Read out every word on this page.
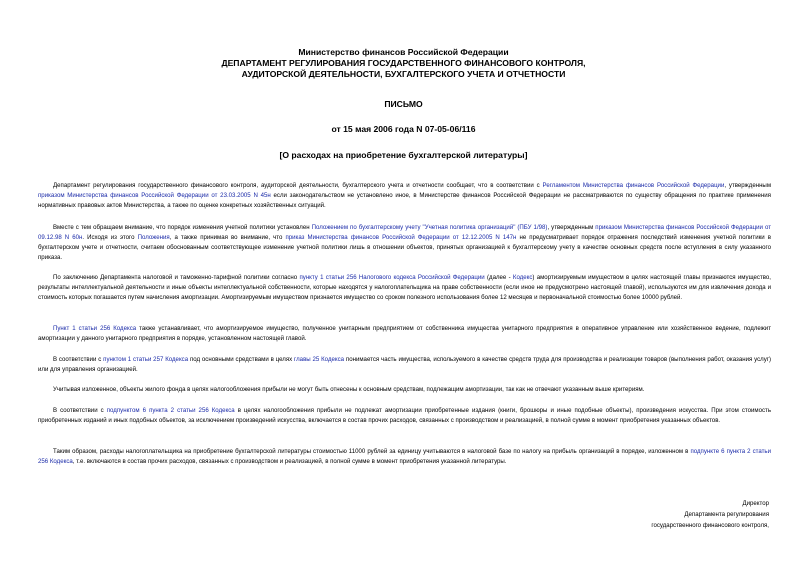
Министерство финансов Российской Федерации
ДЕПАРТАМЕНТ РЕГУЛИРОВАНИЯ ГОСУДАРСТВЕННОГО ФИНАНСОВОГО КОНТРОЛЯ,
АУДИТОРСКОЙ ДЕЯТЕЛЬНОСТИ, БУХГАЛТЕРСКОГО УЧЕТА И ОТЧЕТНОСТИ
ПИСЬМО
от 15 мая 2006 года N 07-05-06/116
[О расходах на приобретение бухгалтерской литературы]

Департамент регулирования государственного финансового контроля, аудиторской деятельности, бухгалтерского учета и отчетности сообщает, что в соответствии с Регламентом Министерства финансов Российской Федерации, утвержденным приказом Министерства финансов Российской Федерации от 23.03.2005 N 45н если законодательством не установлено иное, в Министерстве финансов Российской Федерации не рассматриваются по существу обращения по практике применения нормативных правовых актов Министерства, а также по оценке конкретных хозяйственных ситуаций.

Вместе с тем обращаем внимание, что порядок изменения учетной политики установлен Положением по бухгалтерскому учету "Учетная политика организаций" (ПБУ 1/98), утвержденным приказом Министерства финансов Российской Федерации от 09.12.98 N 60н. Исходя из этого Положения, а также принимая во внимание, что приказ Министерства финансов Российской Федерации от 12.12.2005 N 147н не предусматривает порядок отражения последствий изменения учетной политики в бухгалтерском учете и отчетности, считаем обоснованным соответствующее изменение учетной политики лишь в отношении объектов, принятых организацией к бухгалтерскому учету в качестве основных средств после вступления в силу указанного приказа.

По заключению Департамента налоговой и таможенно-тарифной политики согласно пункту 1 статьи 256 Налогового кодекса Российской Федерации (далее - Кодекс) амортизируемым имуществом в целях настоящей главы признаются имущество, результаты интеллектуальной деятельности и иные объекты интеллектуальной собственности, которые находятся у налогоплательщика на праве собственности (если иное не предусмотрено настоящей главой), используются им для извлечения дохода и стоимость которых погашается путем начисления амортизации. Амортизируемым имуществом признается имущество со сроком полезного использования более 12 месяцев и первоначальной стоимостью более 10000 рублей.

Пункт 1 статьи 256 Кодекса также устанавливает, что амортизируемое имущество, полученное унитарным предприятием от собственника имущества унитарного предприятия в оперативное управление или хозяйственное ведение, подлежит амортизации у данного унитарного предприятия в порядке, установленном настоящей главой.

В соответствии с пунктом 1 статьи 257 Кодекса под основными средствами в целях главы 25 Кодекса понимается часть имущества, используемого в качестве средств труда для производства и реализации товаров (выполнения работ, оказания услуг) или для управления организацией.

Учитывая изложенное, объекты жилого фонда в целях налогообложения прибыли не могут быть отнесены к основным средствам, подлежащим амортизации, так как не отвечают указанным выше критериям.

В соответствии с подпунктом 6 пункта 2 статьи 256 Кодекса в целях налогообложения прибыли не подлежат амортизации приобретенные издания (книги, брошюры и иные подобные объекты), произведения искусства. При этом стоимость приобретенных изданий и иных подобных объектов, за исключением произведений искусства, включается в состав прочих расходов, связанных с производством и реализацией, в полной сумме в момент приобретения указанных объектов.

Таким образом, расходы налогоплательщика на приобретение бухгалтерской литературы стоимостью 11000 рублей за единицу учитываются в налоговой базе по налогу на прибыль организаций в порядке, изложенном в подпункте 6 пункта 2 статьи 256 Кодекса, т.е. включаются в состав прочих расходов, связанных с производством и реализацией, в полной сумме в момент приобретения указанной литературы.

Директор
Департамента регулирования
государственного финансового контроля,
